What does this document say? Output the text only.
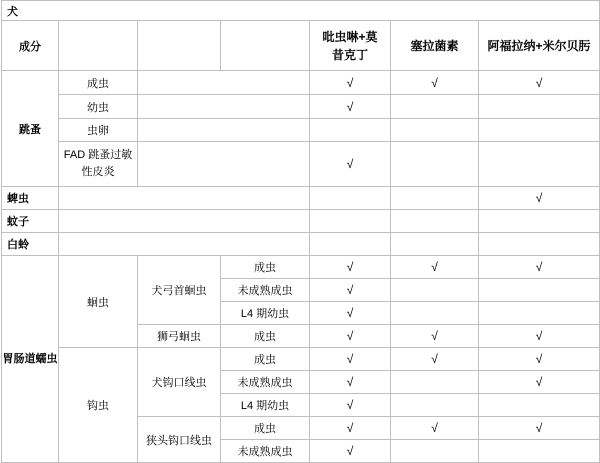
犬						
成分				吡虫啉+莫昔克丁	塞拉菌素	阿福拉纳+米尔贝肟
跳蚤	成虫			√	√	√
	幼虫			√		
	虫卵					
	FAD 跳蚤过敏性皮炎			√		
蜱虫						√
蚊子						
白蛉						
胃肠道蠕虫	蛔虫	犬弓首蛔虫	成虫	√	√	√
			未成熟成虫	√		
			L4 期幼虫	√		
		狮弓蛔虫	成虫	√	√	√
	钩虫	犬钩口线虫	成虫	√	√	√
			未成熟成虫	√		√
			L4 期幼虫	√		
		狭头钩口线虫	成虫	√	√	√
			未成熟成虫	√		
